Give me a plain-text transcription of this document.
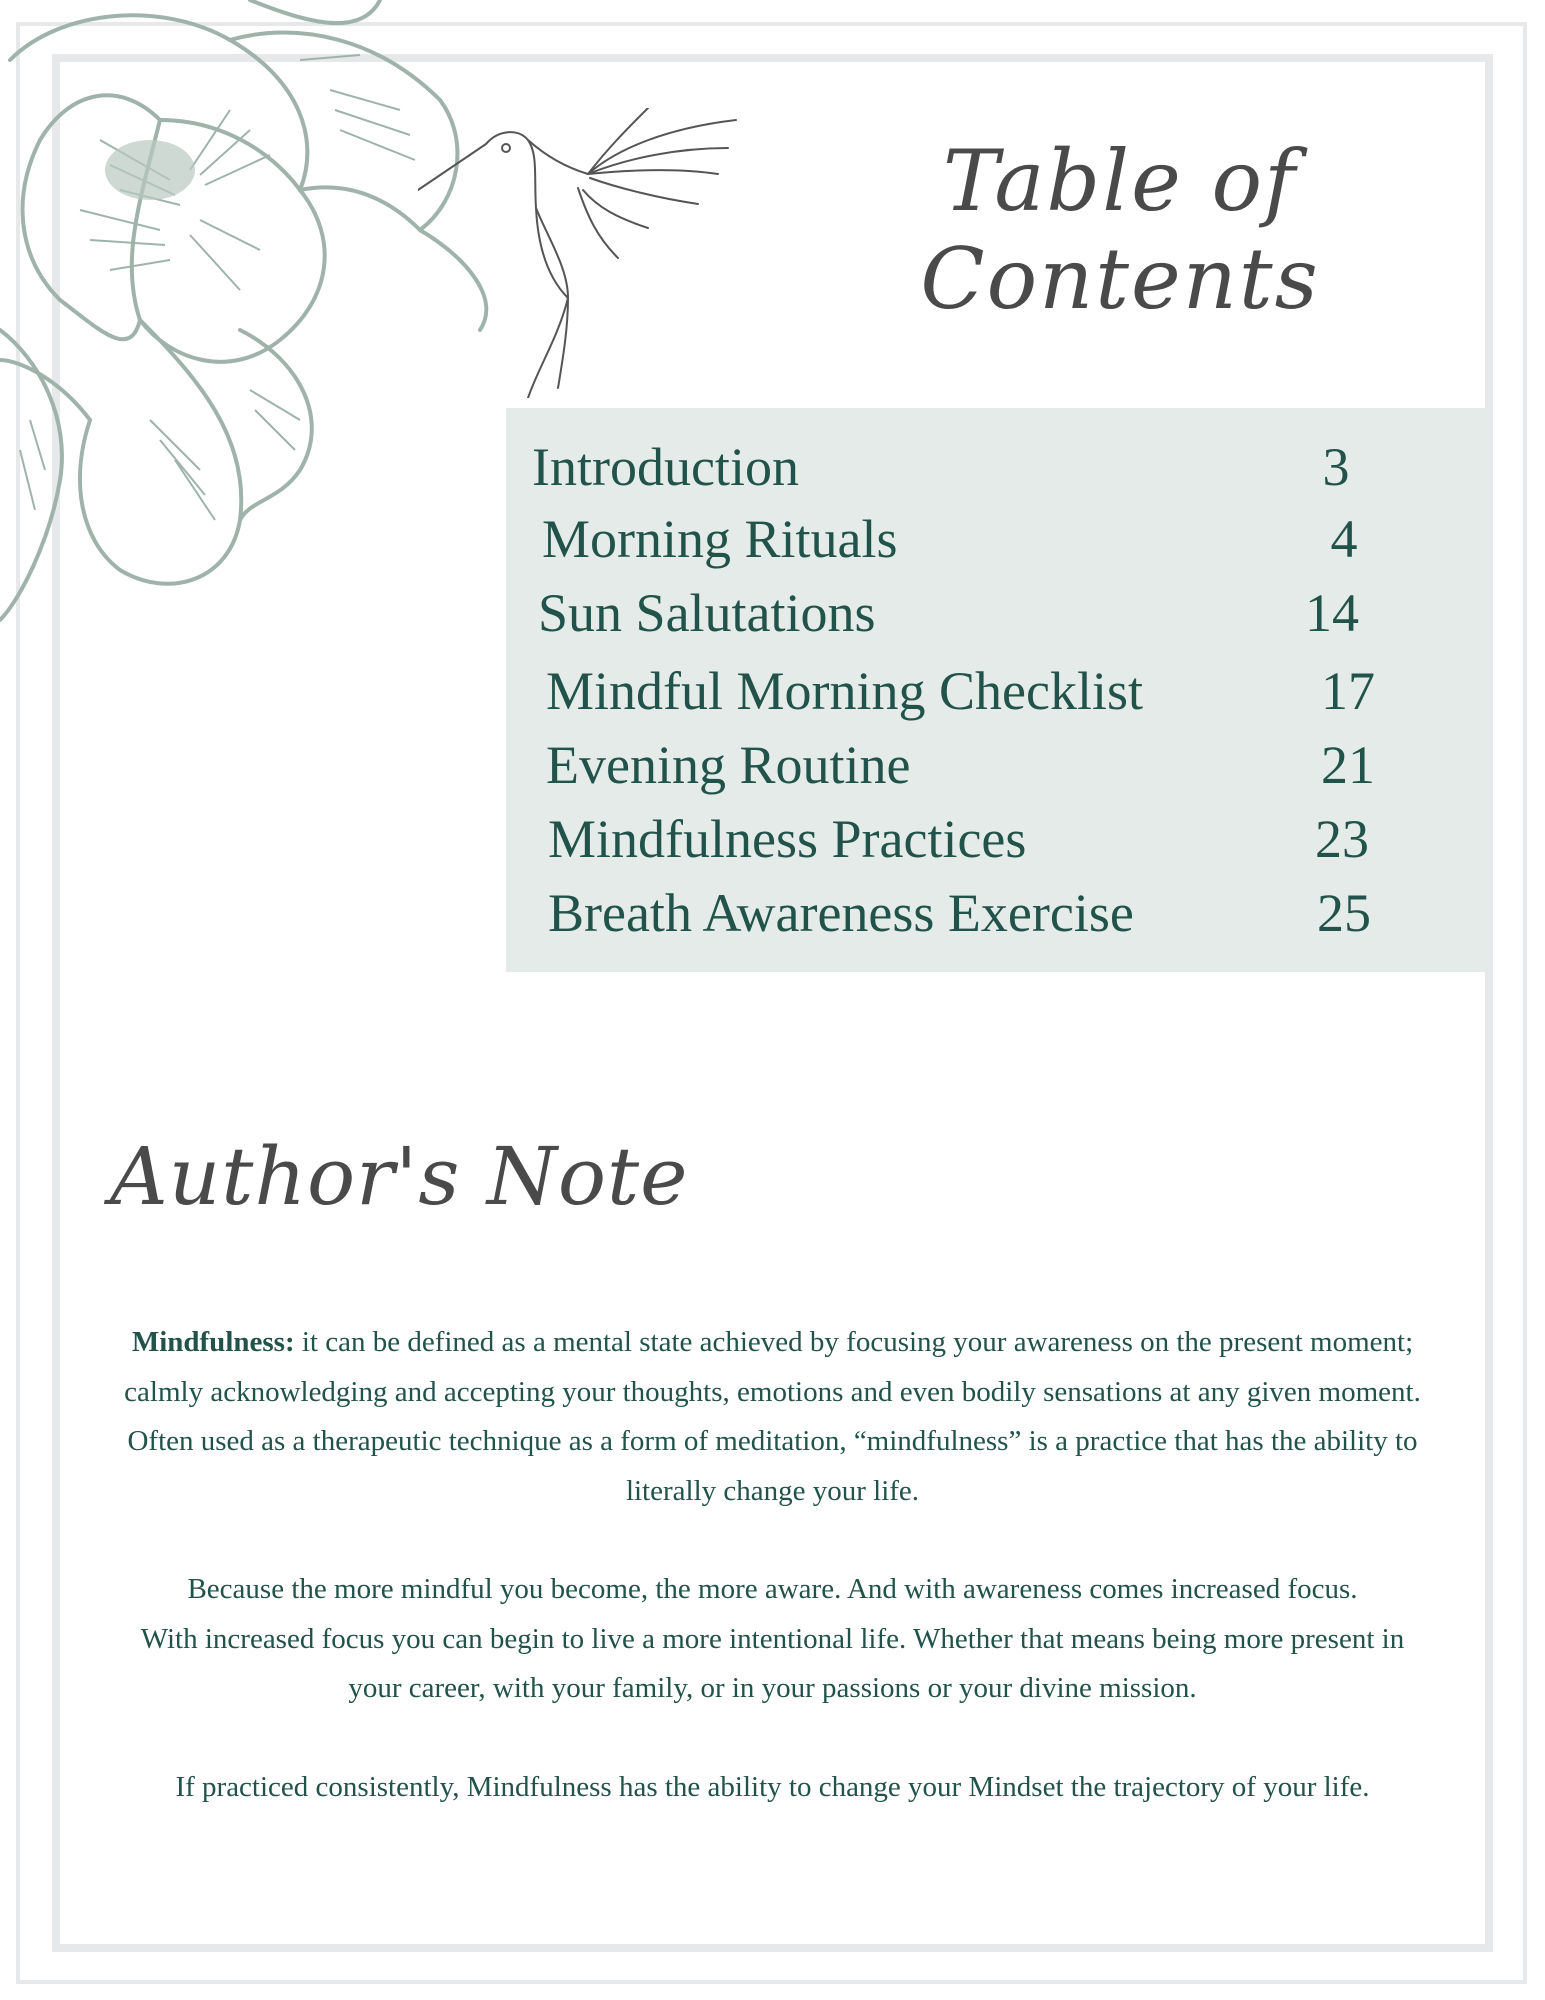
Table of Contents
Introduction	3
Morning Rituals	4
Sun Salutations	14
Mindful Morning Checklist	17
Evening Routine	21
Mindfulness Practices	23
Breath Awareness Exercise	25
Author's Note

Mindfulness: it can be defined as a mental state achieved by focusing your awareness on the present moment; calmly acknowledging and accepting your thoughts, emotions and even bodily sensations at any given moment. Often used as a therapeutic technique as a form of meditation, “mindfulness” is a practice that has the ability to literally change your life.

Because the more mindful you become, the more aware. And with awareness comes increased focus.

With increased focus you can begin to live a more intentional life. Whether that means being more present in your career, with your family, or in your passions or your divine mission.

If practiced consistently, Mindfulness has the ability to change your Mindset the trajectory of your life.
